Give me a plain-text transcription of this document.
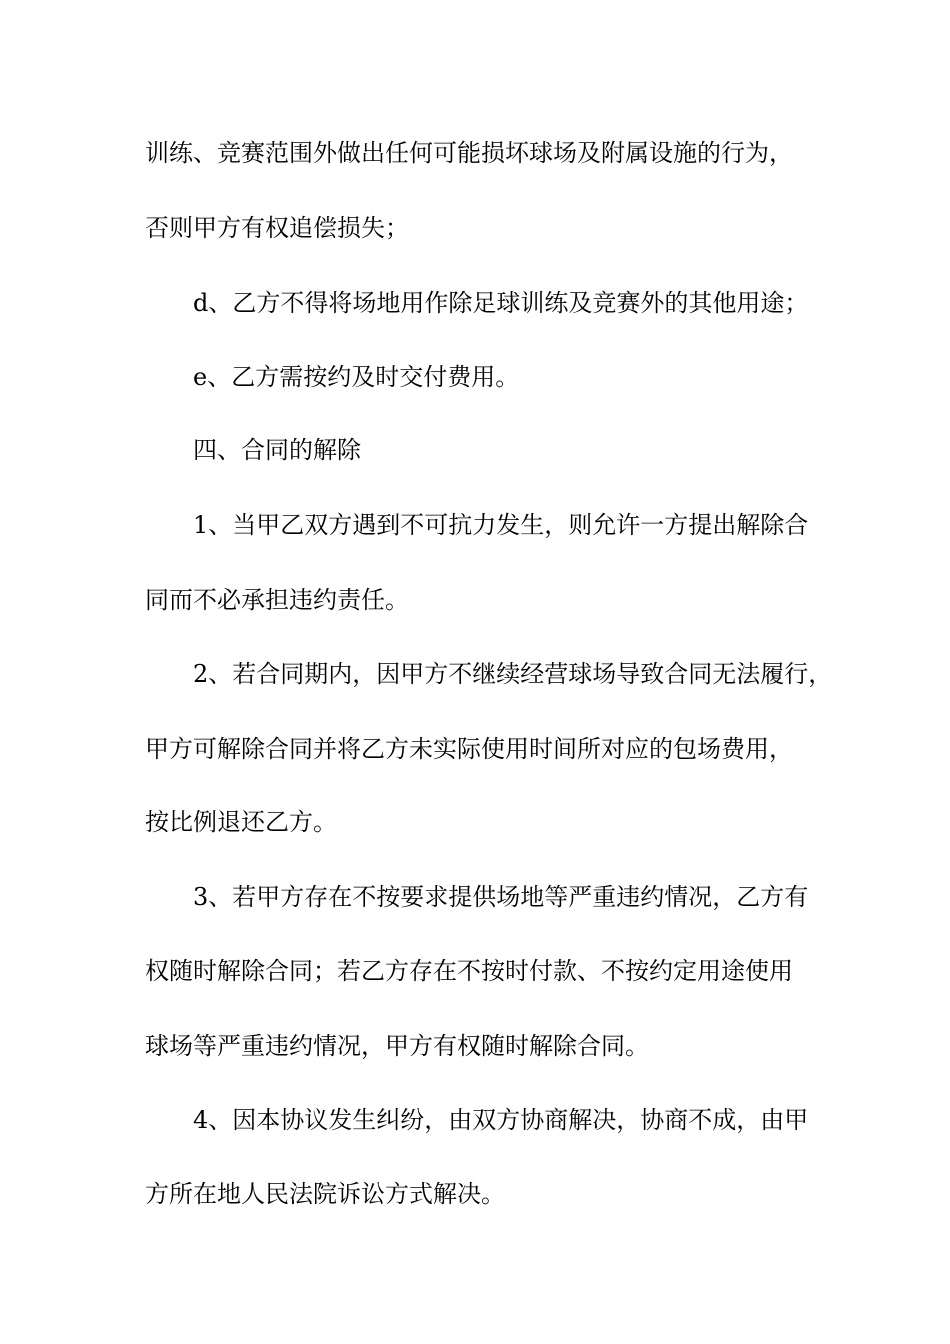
训练、竞赛范围外做出任何可能损坏球场及附属设施的行为，
否则甲方有权追偿损失；
d、乙方不得将场地用作除足球训练及竞赛外的其他用途；
e、乙方需按约及时交付费用。
四、合同的解除
1、当甲乙双方遇到不可抗力发生，则允许一方提出解除合
同而不必承担违约责任。
2、若合同期内，因甲方不继续经营球场导致合同无法履行，
甲方可解除合同并将乙方未实际使用时间所对应的包场费用，
按比例退还乙方。
3、若甲方存在不按要求提供场地等严重违约情况，乙方有
权随时解除合同；若乙方存在不按时付款、不按约定用途使用
球场等严重违约情况，甲方有权随时解除合同。
4、因本协议发生纠纷，由双方协商解决，协商不成，由甲
方所在地人民法院诉讼方式解决。
